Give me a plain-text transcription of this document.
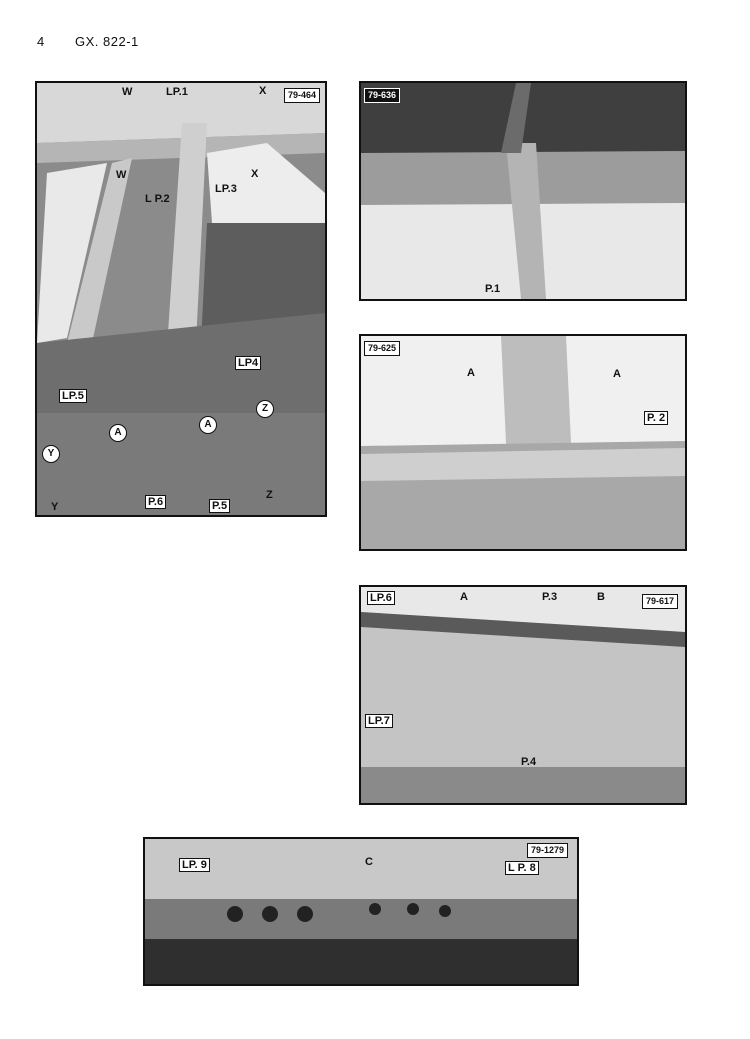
4 GX. 822-1
79-464
W	LP.1	X
L P.2
LP.3
W	X
LP4
LP.5
A
A
Z
Y
P.6	P.5
Z
Y
79-636
P.1
79-625
A	A
P. 2
LP.6	A	P.3	B	79-617
LP.7
P.4
LP. 9	C	L P. 8
79-1279
